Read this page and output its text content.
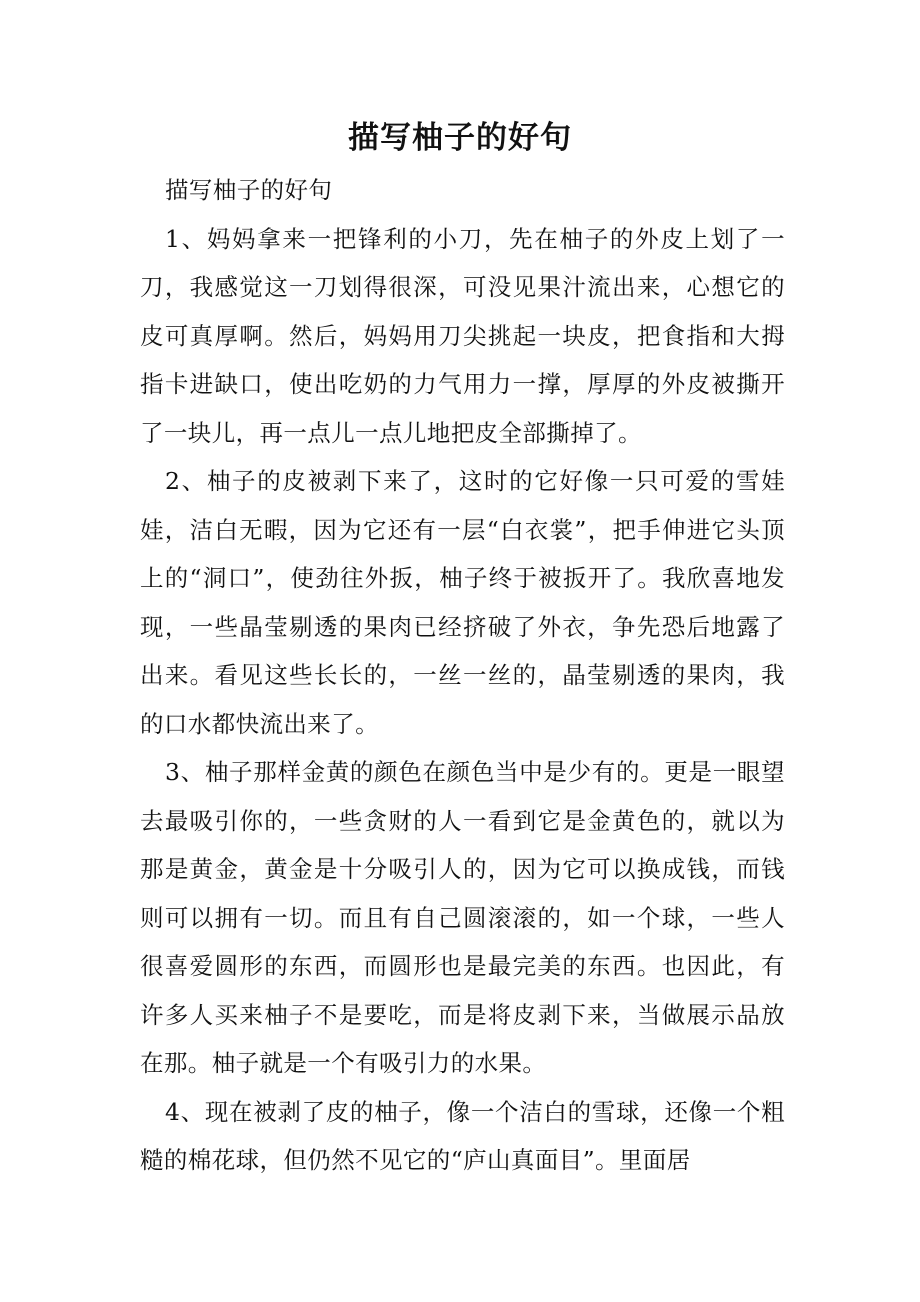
描写柚子的好句

描写柚子的好句

1、妈妈拿来一把锋利的小刀，先在柚子的外皮上划了一刀，我感觉这一刀划得很深，可没见果汁流出来，心想它的皮可真厚啊。然后，妈妈用刀尖挑起一块皮，把食指和大拇指卡进缺口，使出吃奶的力气用力一撑，厚厚的外皮被撕开了一块儿，再一点儿一点儿地把皮全部撕掉了。

2、柚子的皮被剥下来了，这时的它好像一只可爱的雪娃娃，洁白无暇，因为它还有一层“白衣裳”，把手伸进它头顶上的“洞口”，使劲往外扳，柚子终于被扳开了。我欣喜地发现，一些晶莹剔透的果肉已经挤破了外衣，争先恐后地露了出来。看见这些长长的，一丝一丝的，晶莹剔透的果肉，我的口水都快流出来了。

3、柚子那样金黄的颜色在颜色当中是少有的。更是一眼望去最吸引你的，一些贪财的人一看到它是金黄色的，就以为那是黄金，黄金是十分吸引人的，因为它可以换成钱，而钱则可以拥有一切。而且有自己圆滚滚的，如一个球，一些人很喜爱圆形的东西，而圆形也是最完美的东西。也因此，有许多人买来柚子不是要吃，而是将皮剥下来，当做展示品放在那。柚子就是一个有吸引力的水果。

4、现在被剥了皮的柚子，像一个洁白的雪球，还像一个粗糙的棉花球，但仍然不见它的“庐山真面目”。里面居
